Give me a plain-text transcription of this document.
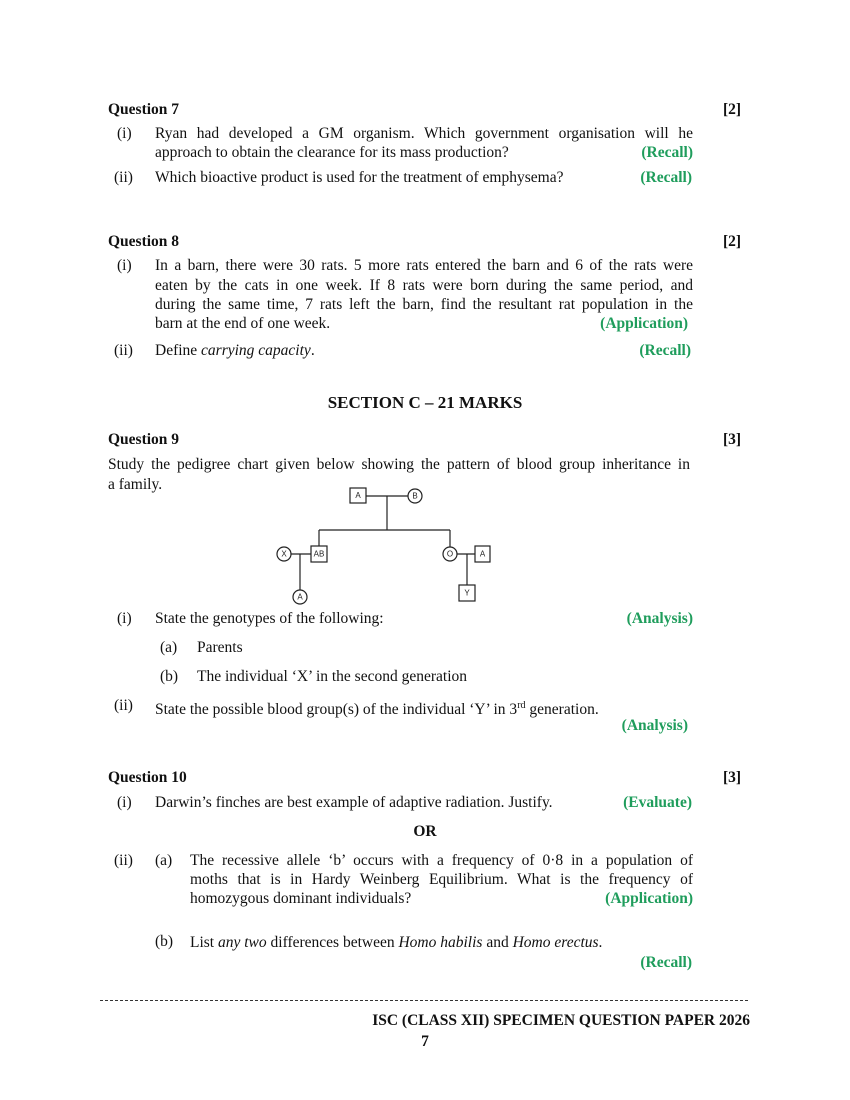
Question 7	[2]
(i) Ryan had developed a GM organism. Which government organisation will he
approach to obtain the clearance for its mass production?	(Recall)
(ii) Which bioactive product is used for the treatment of emphysema?	(Recall)
Question 8	[2]
(i) In a barn, there were 30 rats. 5 more rats entered the barn and 6 of the rats were
eaten by the cats in one week. If 8 rats were born during the same period, and
during the same time, 7 rats left the barn, find the resultant rat population in the
barn at the end of one week.	(Application)
(ii) Define carrying capacity.	(Recall)
SECTION C – 21 MARKS
Question 9	[3]
Study the pedigree chart given below showing the pattern of blood group inheritance in
a family.
A	B
AB
X
A
O	A
Y
(i) State the genotypes of the following:	(Analysis)
(a) Parents
(b) The individual ‘X’ in the second generation
(ii) State the possible blood group(s) of the individual ‘Y’ in 3rd generation.
(Analysis)
Question 10	[3]
(i) Darwin’s finches are best example of adaptive radiation. Justify.	(Evaluate)
OR
(ii) (a) The recessive allele ‘b’ occurs with a frequency of 0·8 in a population of
moths that is in Hardy Weinberg Equilibrium. What is the frequency of
homozygous dominant individuals?	(Application)
(b) List any two differences between Homo habilis and Homo erectus.
(Recall)
ISC (CLASS XII) SPECIMEN QUESTION PAPER 2026
7
